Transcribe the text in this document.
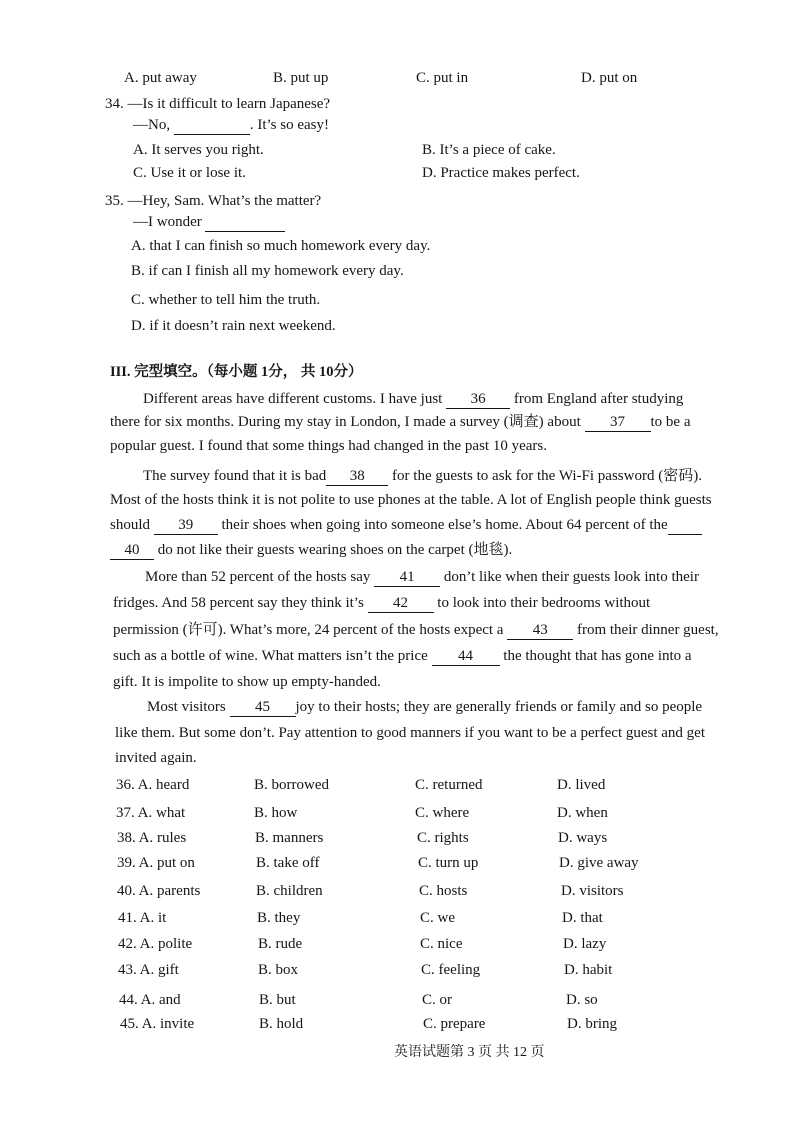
A. put away	B. put up	C. put in	D. put on
34. —Is it difficult to learn Japanese?
—No,	. It’s so easy!
A. It serves you right.	B. It’s a piece of cake.
C. Use it or lose it.	D. Practice makes perfect.
35. —Hey, Sam. What’s the matter?
—I wonder
A. that I can finish so much homework every day.
B. if can I finish all my homework every day.
C. whether to tell him the truth.
D. if it doesn’t rain next weekend.
III. 完型填空。（每小题 1分， 共 10分）
Different areas have different customs. I have just 36 from England after studying
there for six months. During my stay in London, I made a survey (调查) about 37 to be a
popular guest. I found that some things had changed in the past 10 years.
The survey found that it is bad 38 for the guests to ask for the Wi-Fi password (密码).
Most of the hosts think it is not polite to use phones at the table. A lot of English people think guests
should 39 their shoes when going into someone else’s home. About 64 percent of the
40 do not like their guests wearing shoes on the carpet (地毯).
More than 52 percent of the hosts say 41 don’t like when their guests look into their
fridges. And 58 percent say they think it’s 42 to look into their bedrooms without
permission (许可). What’s more, 24 percent of the hosts expect a 43 from their dinner guest,
such as a bottle of wine. What matters isn’t the price 44 the thought that has gone into a
gift. It is impolite to show up empty-handed.
Most visitors 45 joy to their hosts; they are generally friends or family and so people
like them. But some don’t. Pay attention to good manners if you want to be a perfect guest and get
invited again.
36. A. heard	B. borrowed	C. returned	D. lived
37. A. what	B. how	C. where	D. when
38. A. rules	B. manners	C. rights	D. ways
39. A. put on	B. take off	C. turn up	D. give away
40. A. parents	B. children	C. hosts	D. visitors
41. A. it	B. they	C. we	D. that
42. A. polite	B. rude	C. nice	D. lazy
43. A. gift	B. box	C. feeling	D. habit
44. A. and	B. but	C. or	D. so
45. A. invite	B. hold	C. prepare	D. bring
英语试题第 3 页 共 12 页
